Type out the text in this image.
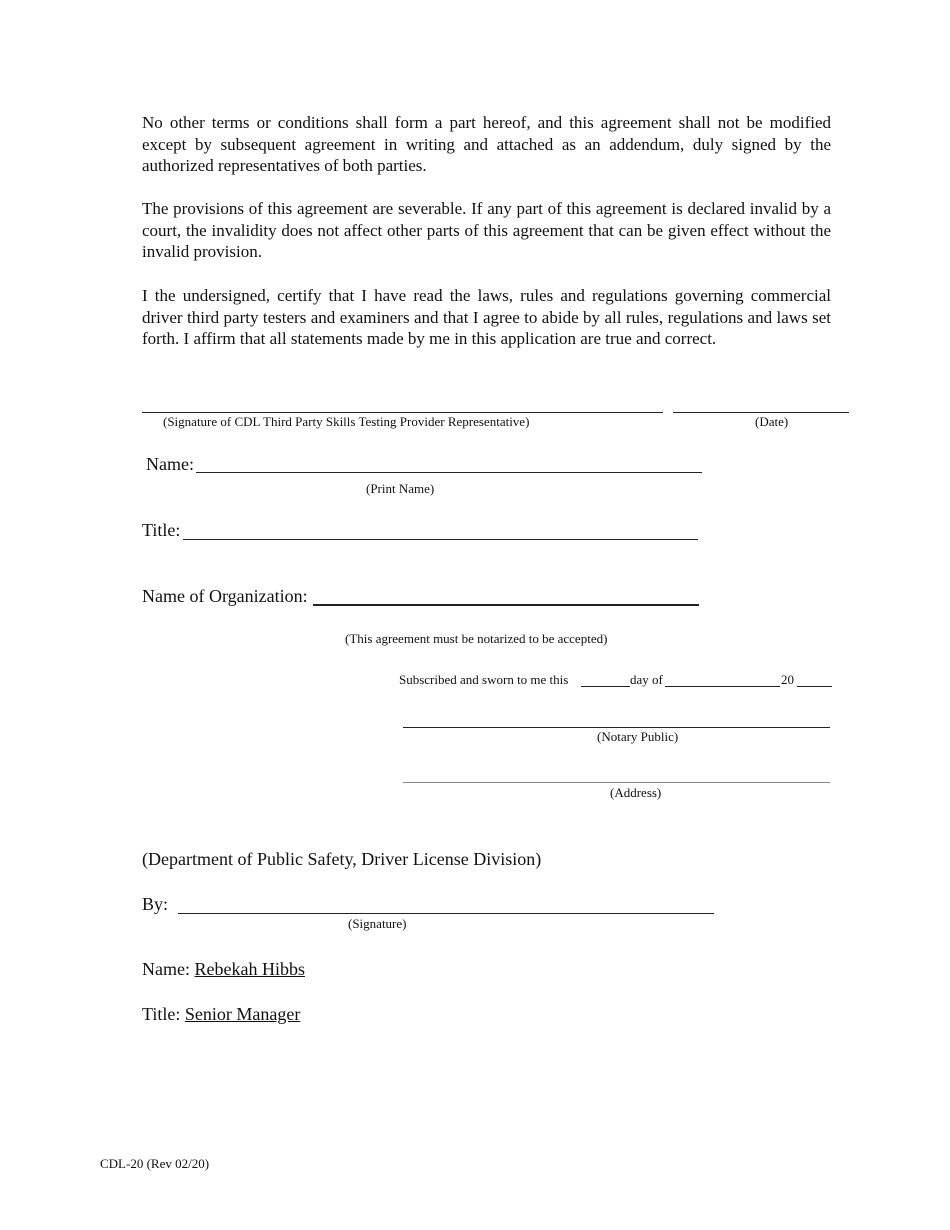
No other terms or conditions shall form a part hereof, and this agreement shall not be modified except by subsequent agreement in writing and attached as an addendum, duly signed by the authorized representatives of both parties.

The provisions of this agreement are severable. If any part of this agreement is declared invalid by a court, the invalidity does not affect other parts of this agreement that can be given effect without the invalid provision.

I the undersigned, certify that I have read the laws, rules and regulations governing commercial driver third party testers and examiners and that I agree to abide by all rules, regulations and laws set forth. I affirm that all statements made by me in this application are true and correct.

(Signature of CDL Third Party Skills Testing Provider Representative)	(Date)
Name:
(Print Name)
Title:
Name of Organization:
(This agreement must be notarized to be accepted)
Subscribed and sworn to me this	day of	20
(Notary Public)
(Address)
(Department of Public Safety, Driver License Division)
By:
(Signature)
Name: Rebekah Hibbs
Title: Senior Manager
CDL-20 (Rev 02/20)
